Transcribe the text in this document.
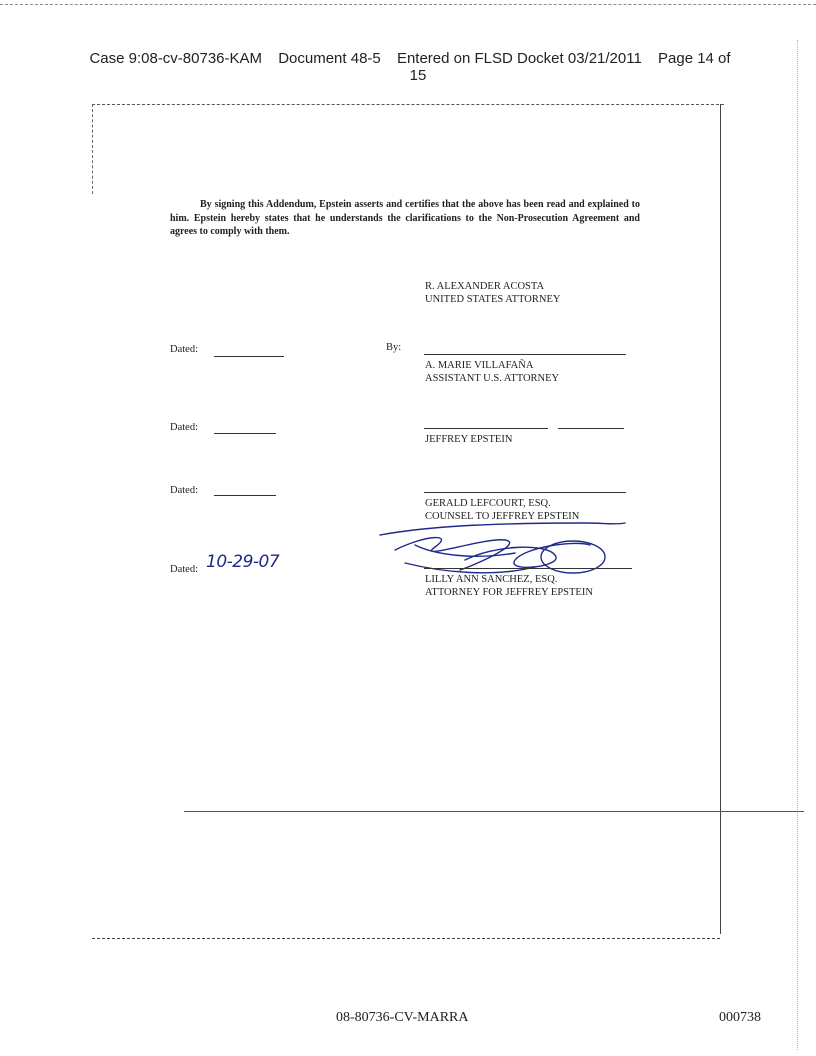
Case 9:08-cv-80736-KAM Document 48-5 Entered on FLSD Docket 03/21/2011 Page 14 of
15
By signing this Addendum, Epstein asserts and certifies that the above has been read and explained to him. Epstein hereby states that he understands the clarifications to the Non-Prosecution Agreement and agrees to comply with them.
R. ALEXANDER ACOSTA
UNITED STATES ATTORNEY
Dated:	By:
A. MARIE VILLAFAÑA
ASSISTANT U.S. ATTORNEY
Dated:
JEFFREY EPSTEIN
Dated:
GERALD LEFCOURT, ESQ.
COUNSEL TO JEFFREY EPSTEIN
Dated: 10-29-07
LILLY ANN SANCHEZ, ESQ.
ATTORNEY FOR JEFFREY EPSTEIN
08-80736-CV-MARRA	000738
